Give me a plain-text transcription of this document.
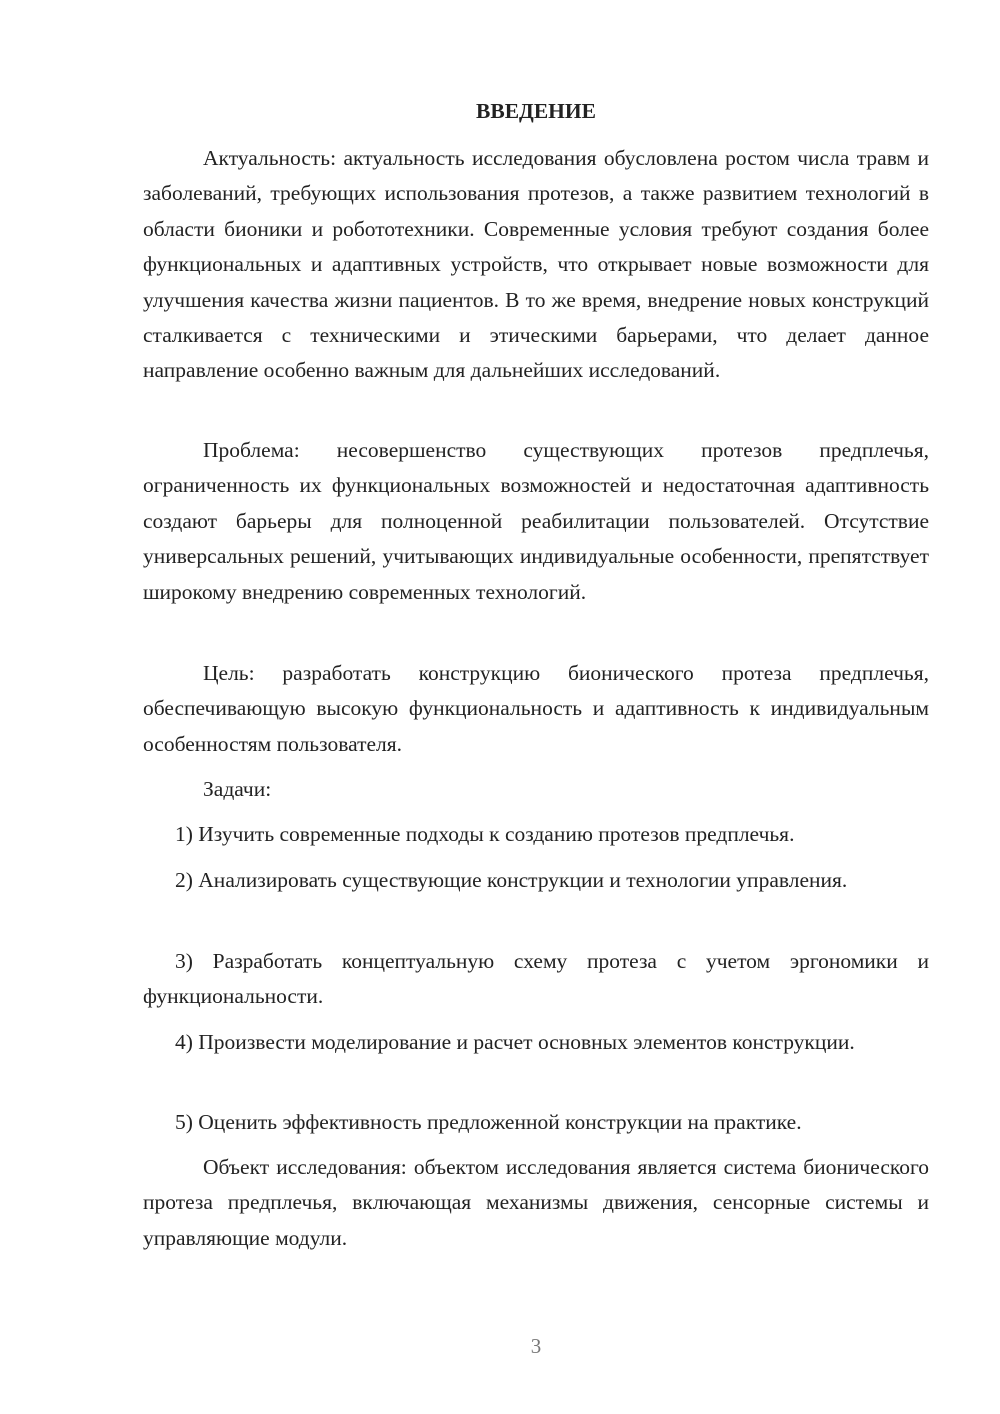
ВВЕДЕНИЕ

Актуальность: актуальность исследования обусловлена ростом числа травм и заболеваний, требующих использования протезов, а также развитием технологий в области бионики и робототехники. Современные условия требуют создания более функциональных и адаптивных устройств, что открывает новые возможности для улучшения качества жизни пациентов. В то же время, внедрение новых конструкций сталкивается с техническими и этическими барьерами, что делает данное направление особенно важным для дальнейших исследований.

Проблема: несовершенство существующих протезов предплечья, ограниченность их функциональных возможностей и недостаточная адаптивность создают барьеры для полноценной реабилитации пользователей. Отсутствие универсальных решений, учитывающих индивидуальные особенности, препятствует широкому внедрению современных технологий.

Цель: разработать конструкцию бионического протеза предплечья, обеспечивающую высокую функциональность и адаптивность к индивидуальным особенностям пользователя.

Задачи:

1) Изучить современные подходы к созданию протезов предплечья.

2) Анализировать существующие конструкции и технологии управления.

3) Разработать концептуальную схему протеза с учетом эргономики и функциональности.

4) Произвести моделирование и расчет основных элементов конструкции.

5) Оценить эффективность предложенной конструкции на практике.

Объект исследования: объектом исследования является система бионического протеза предплечья, включающая механизмы движения, сенсорные системы и управляющие модули.

3
